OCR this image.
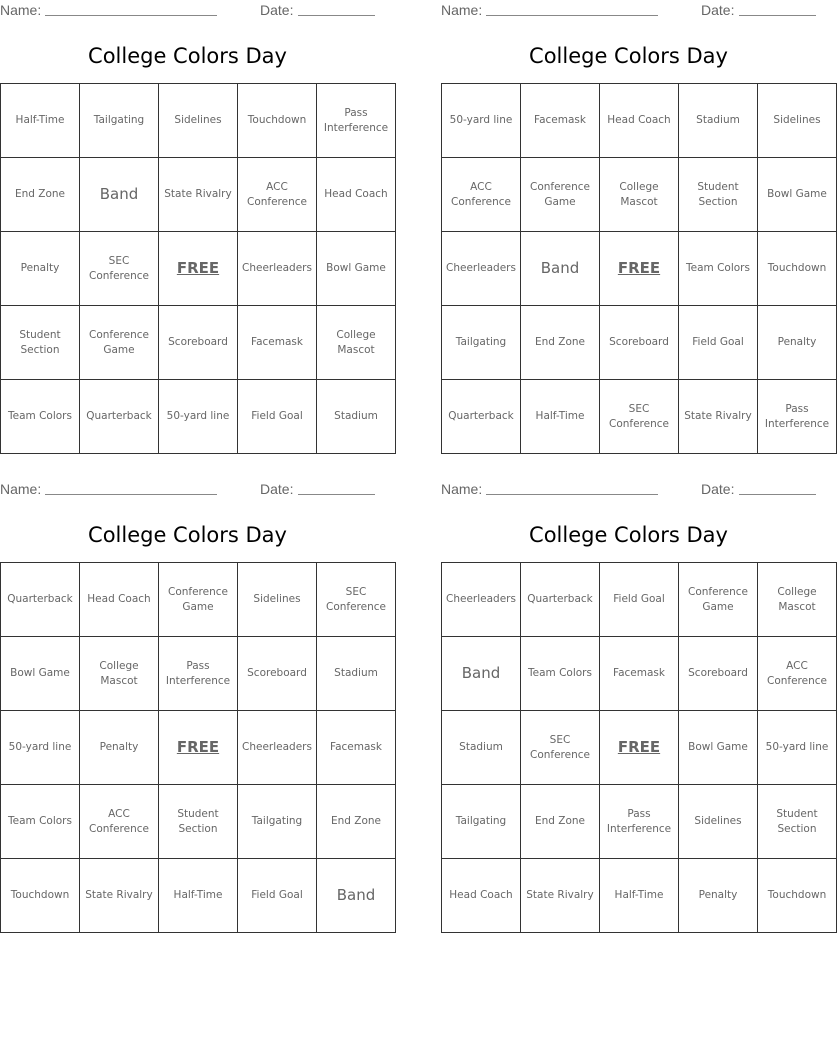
Name:	Date:
College Colors Day
Half-Time	Tailgating	Sidelines	Touchdown	Pass Interference
End Zone	Band	State Rivalry	ACC Conference	Head Coach
Penalty	SEC Conference	FREE	Cheerleaders	Bowl Game
Student Section	Conference Game	Scoreboard	Facemask	College Mascot
Team Colors	Quarterback	50-yard line	Field Goal	Stadium
Name:	Date:
College Colors Day
50-yard line	Facemask	Head Coach	Stadium	Sidelines
ACC Conference	Conference Game	College Mascot	Student Section	Bowl Game
Cheerleaders	Band	FREE	Team Colors	Touchdown
Tailgating	End Zone	Scoreboard	Field Goal	Penalty
Quarterback	Half-Time	SEC Conference	State Rivalry	Pass Interference
Name:	Date:
College Colors Day
Quarterback	Head Coach	Conference Game	Sidelines	SEC Conference
Bowl Game	College Mascot	Pass Interference	Scoreboard	Stadium
50-yard line	Penalty	FREE	Cheerleaders	Facemask
Team Colors	ACC Conference	Student Section	Tailgating	End Zone
Touchdown	State Rivalry	Half-Time	Field Goal	Band
Name:	Date:
College Colors Day
Cheerleaders	Quarterback	Field Goal	Conference Game	College Mascot
Band	Team Colors	Facemask	Scoreboard	ACC Conference
Stadium	SEC Conference	FREE	Bowl Game	50-yard line
Tailgating	End Zone	Pass Interference	Sidelines	Student Section
Head Coach	State Rivalry	Half-Time	Penalty	Touchdown
